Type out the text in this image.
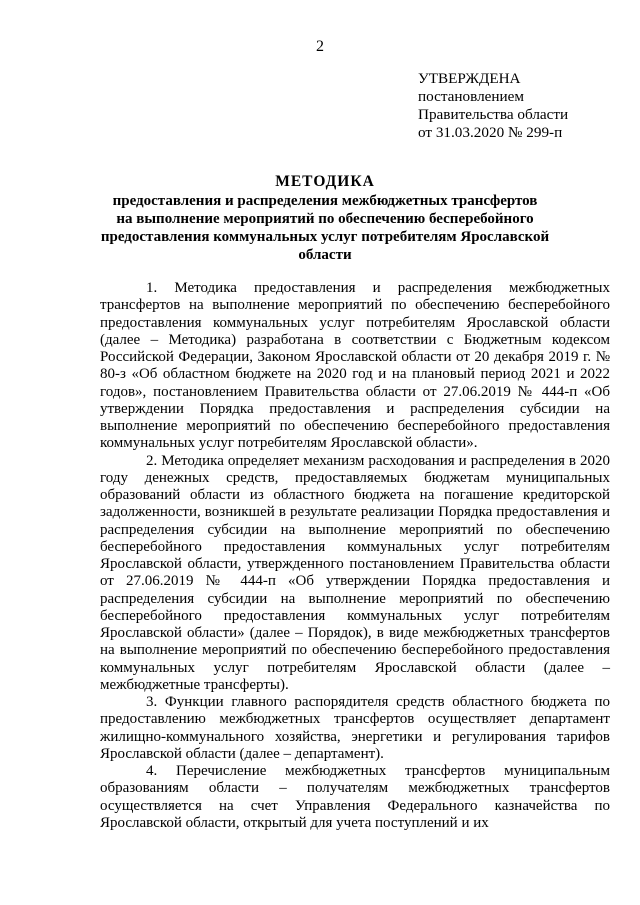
2
УТВЕРЖДЕНА
постановлением
Правительства области
от 31.03.2020 № 299-п
МЕТОДИКА
предоставления и распределения межбюджетных трансфертов
на выполнение мероприятий по обеспечению бесперебойного
предоставления коммунальных услуг потребителям Ярославской
области

1. Методика предоставления и распределения межбюджетных трансфертов на выполнение мероприятий по обеспечению бесперебойного предоставления коммунальных услуг потребителям Ярославской области (далее – Методика) разработана в соответствии с Бюджетным кодексом Российской Федерации, Законом Ярославской области от 20 декабря 2019 г. № 80-з «Об областном бюджете на 2020 год и на плановый период 2021 и 2022 годов», постановлением Правительства области от 27.06.2019 № 444-п «Об утверждении Порядка предоставления и распределения субсидии на выполнение мероприятий по обеспечению бесперебойного предоставления коммунальных услуг потребителям Ярославской области».

2. Методика определяет механизм расходования и распределения в 2020 году денежных средств, предоставляемых бюджетам муниципальных образований области из областного бюджета на погашение кредиторской задолженности, возникшей в результате реализации Порядка предоставления и распределения субсидии на выполнение мероприятий по обеспечению бесперебойного предоставления коммунальных услуг потребителям Ярославской области, утвержденного постановлением Правительства области от 27.06.2019 № 444-п «Об утверждении Порядка предоставления и распределения субсидии на выполнение мероприятий по обеспечению бесперебойного предоставления коммунальных услуг потребителям Ярославской области» (далее – Порядок), в виде межбюджетных трансфертов на выполнение мероприятий по обеспечению бесперебойного предоставления коммунальных услуг потребителям Ярославской области (далее – межбюджетные трансферты).

3. Функции главного распорядителя средств областного бюджета по предоставлению межбюджетных трансфертов осуществляет департамент жилищно-коммунального хозяйства, энергетики и регулирования тарифов Ярославской области (далее – департамент).

4. Перечисление межбюджетных трансфертов муниципальным образованиям области – получателям межбюджетных трансфертов осуществляется на счет Управления Федерального казначейства по Ярославской области, открытый для учета поступлений и их
